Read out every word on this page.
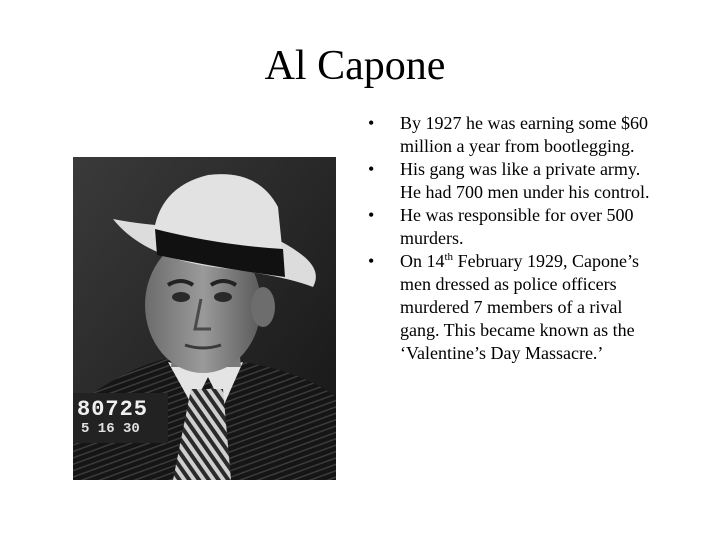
Al Capone
80725
5 16 30
• By 1927 he was earning some $60 million a year from bootlegging.
• His gang was like a private army. He had 700 men under his control.
• He was responsible for over 500 murders.
• On 14th February 1929, Capone’s men dressed as police officers murdered 7 members of a rival gang. This became known as the ‘Valentine’s Day Massacre.’
